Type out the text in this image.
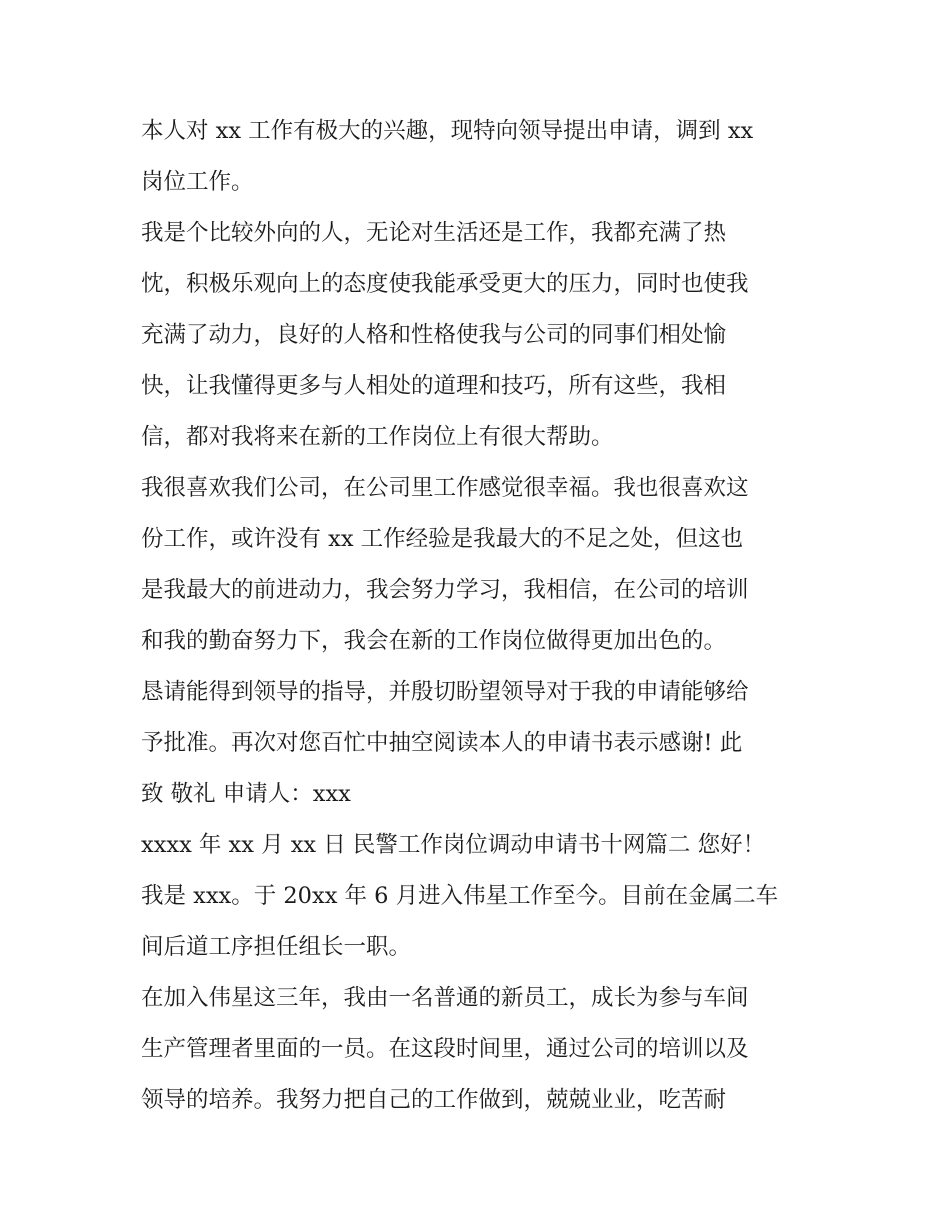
本人对 xx 工作有极大的兴趣，现特向领导提出申请，调到 xx
岗位工作。
我是个比较外向的人，无论对生活还是工作，我都充满了热
忱，积极乐观向上的态度使我能承受更大的压力，同时也使我
充满了动力，良好的人格和性格使我与公司的同事们相处愉
快，让我懂得更多与人相处的道理和技巧，所有这些，我相
信，都对我将来在新的工作岗位上有很大帮助。
我很喜欢我们公司，在公司里工作感觉很幸福。我也很喜欢这
份工作，或许没有 xx 工作经验是我最大的不足之处，但这也
是我最大的前进动力，我会努力学习，我相信，在公司的培训
和我的勤奋努力下，我会在新的工作岗位做得更加出色的。
恳请能得到领导的指导，并殷切盼望领导对于我的申请能够给
予批准。再次对您百忙中抽空阅读本人的申请书表示感谢! 此
致 敬礼 申请人：xxx
xxxx 年 xx 月 xx 日 民警工作岗位调动申请书十网篇二 您好！
我是 xxx。于 20xx 年 6 月进入伟星工作至今。目前在金属二车
间后道工序担任组长一职。
在加入伟星这三年，我由一名普通的新员工，成长为参与车间
生产管理者里面的一员。在这段时间里，通过公司的培训以及
领导的培养。我努力把自己的工作做到，兢兢业业，吃苦耐
